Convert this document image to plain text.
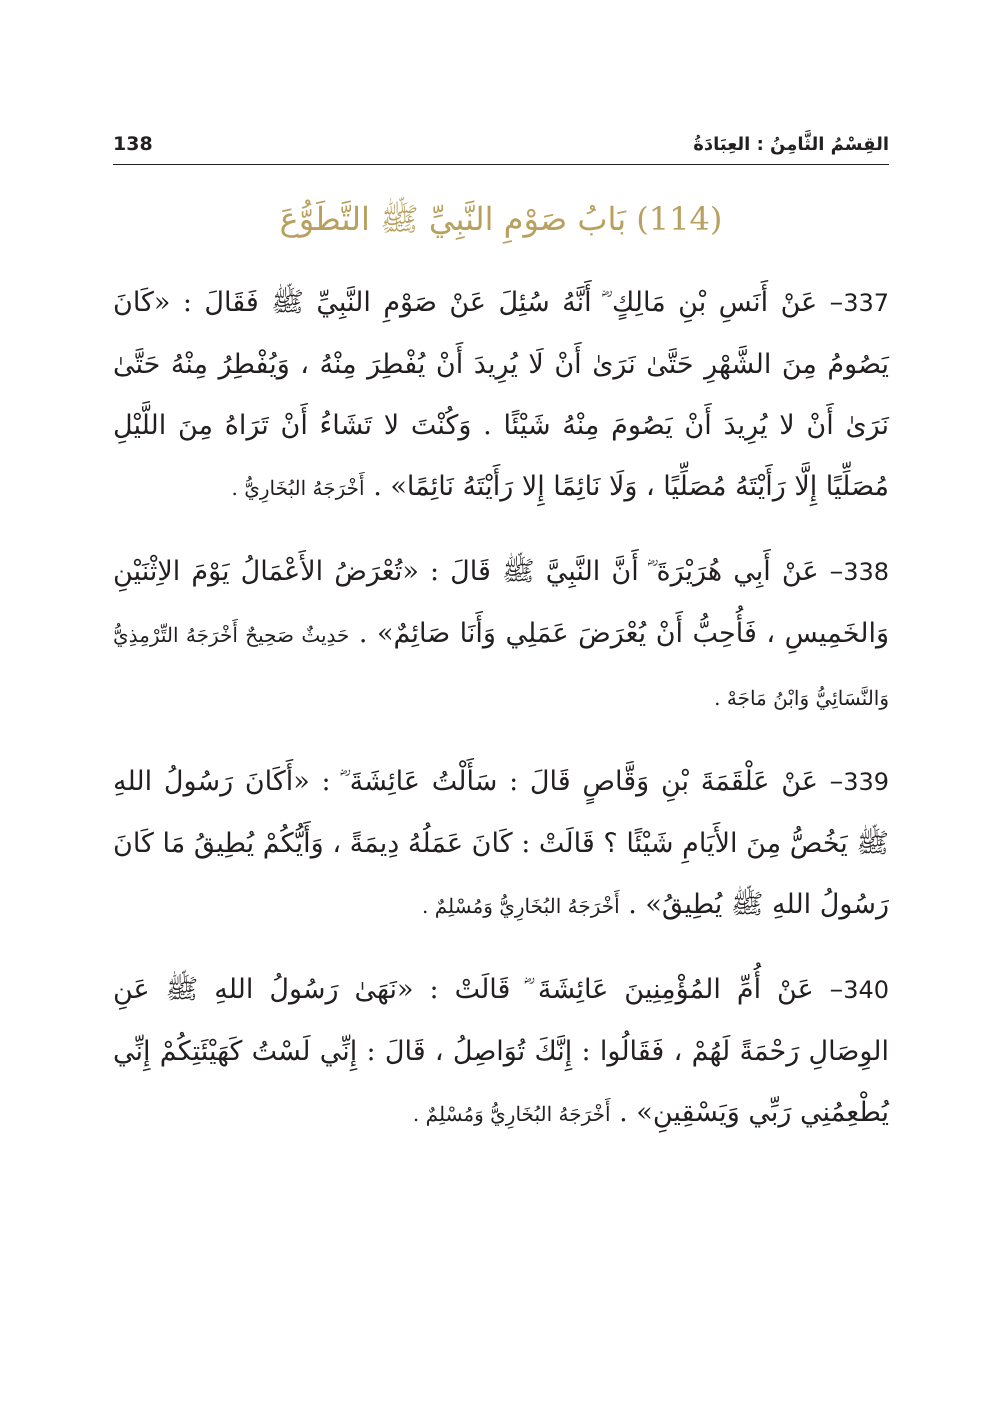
138	القِسْمُ الثَّامِنُ : العِبَادَةُ
(114) بَابُ صَوْمِ النَّبِيِّ ﷺ التَّطَوُّعَ

337– عَنْ أَنَسِ بْنِ مَالِكٍ ؓ أَنَّهُ سُئِلَ عَنْ صَوْمِ النَّبِيِّ ﷺ فَقَالَ : «كَانَ يَصُومُ مِنَ الشَّهْرِ حَتَّىٰ نَرَىٰ أَنْ لَا يُرِيدَ أَنْ يُفْطِرَ مِنْهُ ، وَيُفْطِرُ مِنْهُ حَتَّىٰ نَرَىٰ أَنْ لا يُرِيدَ أَنْ يَصُومَ مِنْهُ شَيْئًا . وَكُنْتَ لا تَشَاءُ أَنْ تَرَاهُ مِنَ اللَّيْلِ مُصَلِّيًا إِلَّا رَأَيْتَهُ مُصَلِّيًا ، وَلَا نَائِمًا إِلا رَأَيْتَهُ نَائِمًا» . أَخْرَجَهُ البُخَارِيُّ .

338– عَنْ أَبِي هُرَيْرَةَ ؓ أَنَّ النَّبِيَّ ﷺ قَالَ : «تُعْرَضُ الأَعْمَالُ يَوْمَ الاِثْنَيْنِ وَالخَمِيسِ ، فَأُحِبُّ أَنْ يُعْرَضَ عَمَلِي وَأَنَا صَائِمٌ» . حَدِيثٌ صَحِيحٌ أَخْرَجَهُ التِّرْمِذِيُّ وَالنَّسَائِيُّ وَابْنُ مَاجَهْ .

339– عَنْ عَلْقَمَةَ بْنِ وَقَّاصٍ قَالَ : سَأَلْتُ عَائِشَةَ ؓ : «أَكَانَ رَسُولُ اللهِ ﷺ يَخُصُّ مِنَ الأَيَامِ شَيْئًا ؟ قَالَتْ : كَانَ عَمَلُهُ دِيمَةً ، وَأَيُّكُمْ يُطِيقُ مَا كَانَ رَسُولُ اللهِ ﷺ يُطِيقُ» . أَخْرَجَهُ البُخَارِيُّ وَمُسْلِمٌ .

340– عَنْ أُمِّ المُؤْمِنِينَ عَائِشَةَ ؓ قَالَتْ : «نَهَىٰ رَسُولُ اللهِ ﷺ عَنِ الوِصَالِ رَحْمَةً لَهُمْ ، فَقَالُوا : إِنَّكَ تُوَاصِلُ ، قَالَ : إِنِّي لَسْتُ كَهَيْئَتِكُمْ إِنِّي يُطْعِمُنِي رَبِّي وَيَسْقِينِ» . أَخْرَجَهُ البُخَارِيُّ وَمُسْلِمٌ .
